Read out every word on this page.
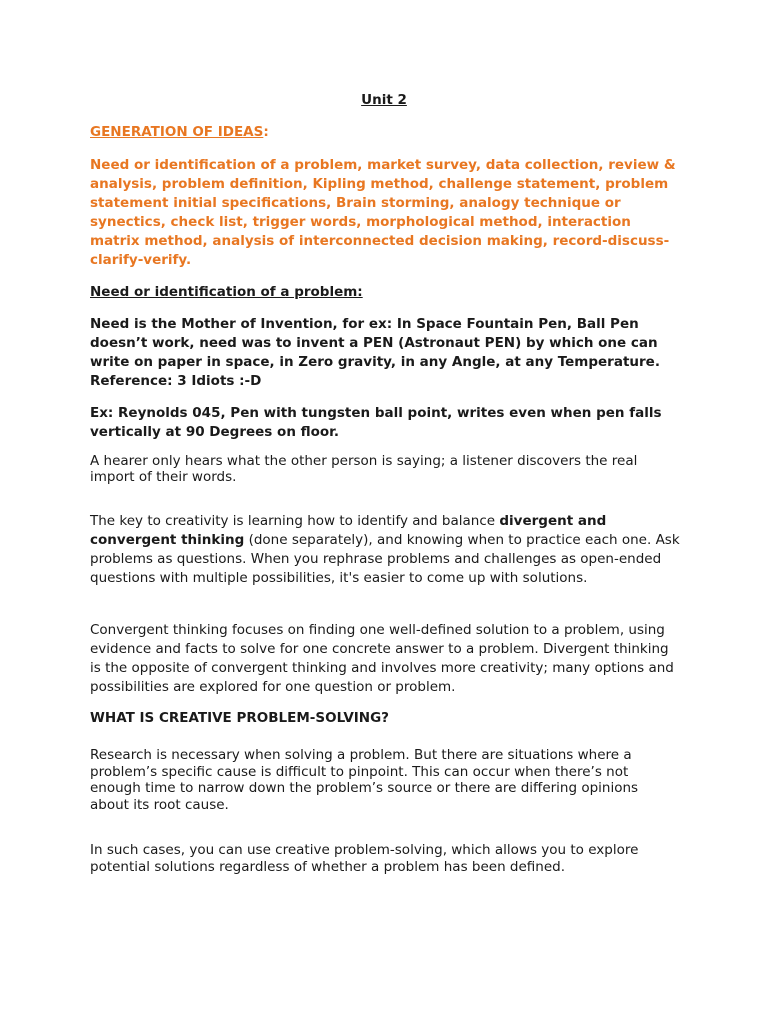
Unit 2

GENERATION OF IDEAS:

Need or identification of a problem, market survey, data collection, review & analysis, problem definition, Kipling method, challenge statement, problem statement initial specifications, Brain storming, analogy technique or synectics, check list, trigger words, morphological method, interaction matrix method, analysis of interconnected decision making, record-discuss-clarify-verify.

Need or identification of a problem:

Need is the Mother of Invention, for ex: In Space Fountain Pen, Ball Pen doesn’t work, need was to invent a PEN (Astronaut PEN) by which one can write on paper in space, in Zero gravity, in any Angle, at any Temperature. Reference: 3 Idiots :-D

Ex: Reynolds 045, Pen with tungsten ball point, writes even when pen falls vertically at 90 Degrees on floor.

A hearer only hears what the other person is saying; a listener discovers the real import of their words.

The key to creativity is learning how to identify and balance divergent and convergent thinking (done separately), and knowing when to practice each one. Ask problems as questions. When you rephrase problems and challenges as open-ended questions with multiple possibilities, it's easier to come up with solutions.

Convergent thinking focuses on finding one well-defined solution to a problem, using evidence and facts to solve for one concrete answer to a problem. Divergent thinking is the opposite of convergent thinking and involves more creativity; many options and possibilities are explored for one question or problem.

WHAT IS CREATIVE PROBLEM-SOLVING?

Research is necessary when solving a problem. But there are situations where a problem’s specific cause is difficult to pinpoint. This can occur when there’s not enough time to narrow down the problem’s source or there are differing opinions about its root cause.

In such cases, you can use creative problem-solving, which allows you to explore potential solutions regardless of whether a problem has been defined.
